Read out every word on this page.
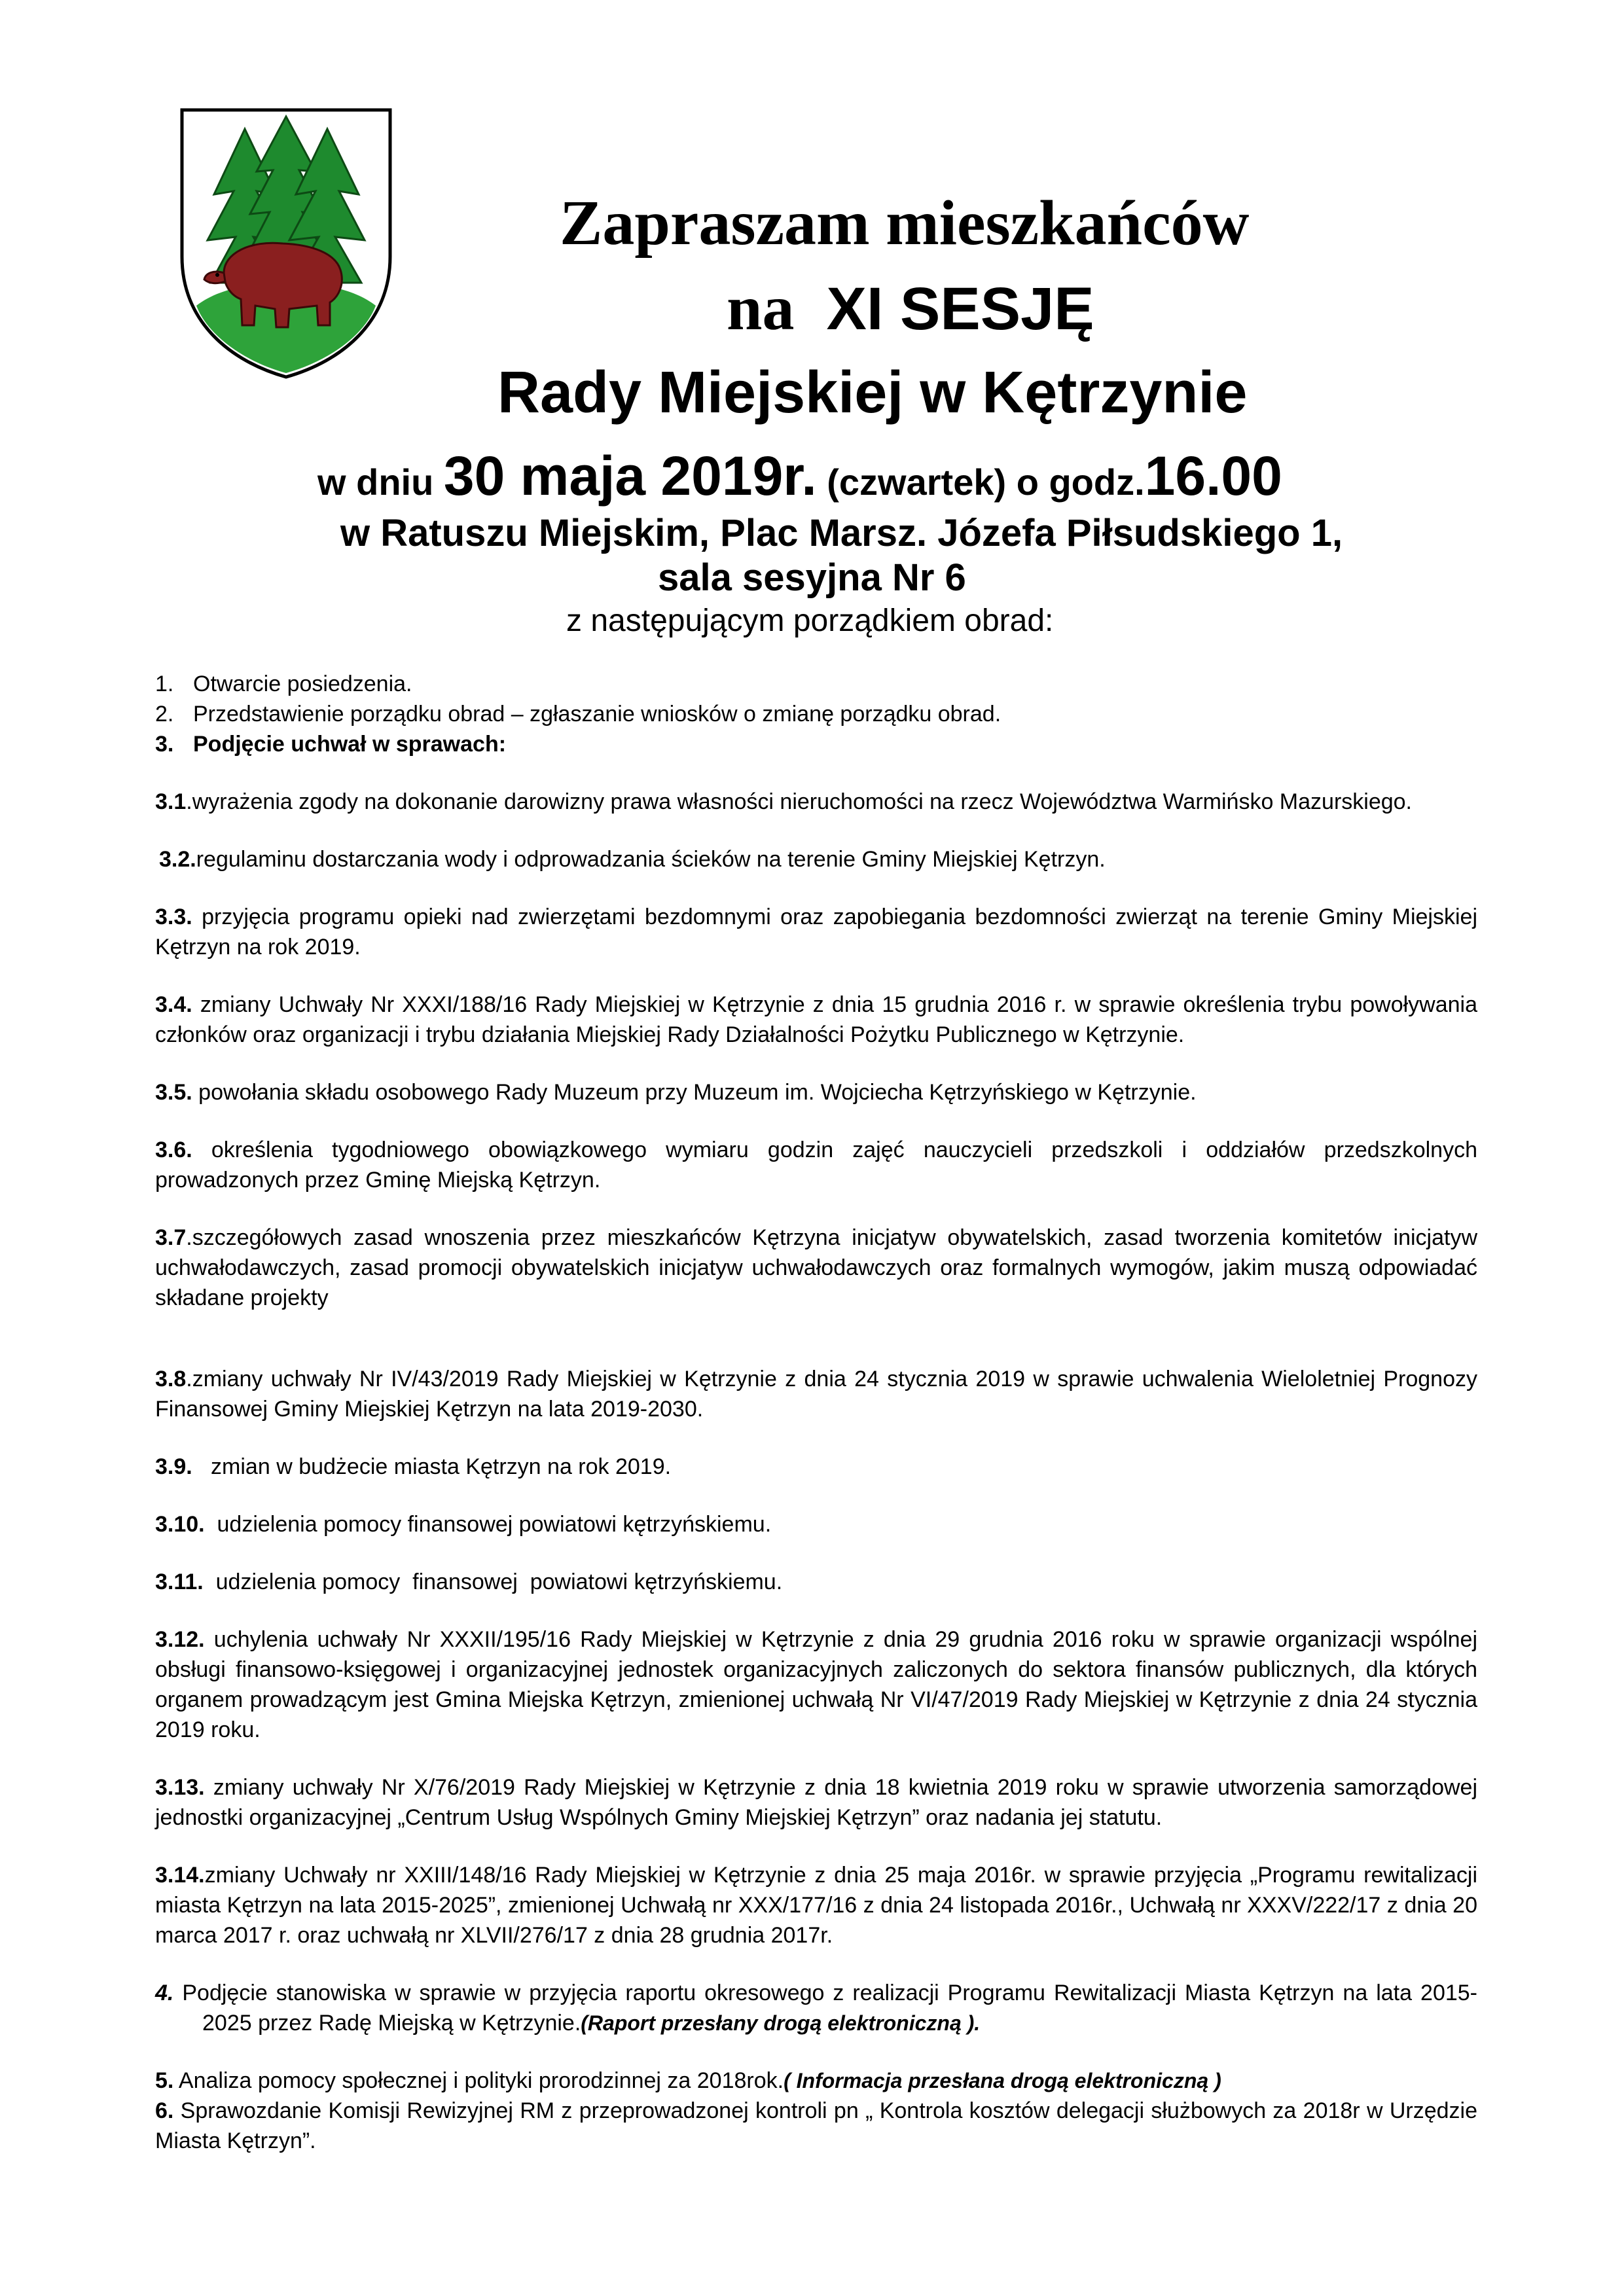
Zapraszam mieszkańców
na XI SESJĘ
Rady Miejskiej w Kętrzynie
w dniu 30 maja 2019r. (czwartek) o godz.16.00
w Ratuszu Miejskim, Plac Marsz. Józefa Piłsudskiego 1,
sala sesyjna Nr 6
z następującym porządkiem obrad:
1. Otwarcie posiedzenia.
2. Przedstawienie porządku obrad – zgłaszanie wniosków o zmianę porządku obrad.
3. Podjęcie uchwał w sprawach:

3.1.wyrażenia zgody na dokonanie darowizny prawa własności nieruchomości na rzecz Województwa Warmińsko Mazurskiego.

3.2.regulaminu dostarczania wody i odprowadzania ścieków na terenie Gminy Miejskiej Kętrzyn.

3.3. przyjęcia programu opieki nad zwierzętami bezdomnymi oraz zapobiegania bezdomności zwierząt na terenie Gminy Miejskiej Kętrzyn na rok 2019.

3.4. zmiany Uchwały Nr XXXI/188/16 Rady Miejskiej w Kętrzynie z dnia 15 grudnia 2016 r. w sprawie określenia trybu powoływania członków oraz organizacji i trybu działania Miejskiej Rady Działalności Pożytku Publicznego w Kętrzynie.

3.5. powołania składu osobowego Rady Muzeum przy Muzeum im. Wojciecha Kętrzyńskiego w Kętrzynie.

3.6. określenia tygodniowego obowiązkowego wymiaru godzin zajęć nauczycieli przedszkoli i oddziałów przedszkolnych prowadzonych przez Gminę Miejską Kętrzyn.

3.7.szczegółowych zasad wnoszenia przez mieszkańców Kętrzyna inicjatyw obywatelskich, zasad tworzenia komitetów inicjatyw uchwałodawczych, zasad promocji obywatelskich inicjatyw uchwałodawczych oraz formalnych wymogów, jakim muszą odpowiadać składane projekty

3.8.zmiany uchwały Nr IV/43/2019 Rady Miejskiej w Kętrzynie z dnia 24 stycznia 2019 w sprawie uchwalenia Wieloletniej Prognozy Finansowej Gminy Miejskiej Kętrzyn na lata 2019-2030.

3.9.   zmian w budżecie miasta Kętrzyn na rok 2019.

3.10.  udzielenia pomocy finansowej powiatowi kętrzyńskiemu.

3.11.  udzielenia pomocy  finansowej  powiatowi kętrzyńskiemu.

3.12. uchylenia uchwały Nr XXXII/195/16 Rady Miejskiej w Kętrzynie z dnia 29 grudnia 2016 roku w sprawie organizacji wspólnej obsługi finansowo-księgowej i organizacyjnej jednostek organizacyjnych zaliczonych do sektora finansów publicznych, dla których organem prowadzącym jest Gmina Miejska Kętrzyn, zmienionej uchwałą Nr VI/47/2019 Rady Miejskiej w Kętrzynie z dnia 24 stycznia 2019 roku.

3.13. zmiany uchwały Nr X/76/2019 Rady Miejskiej w Kętrzynie z dnia 18 kwietnia 2019 roku w sprawie utworzenia samorządowej jednostki organizacyjnej „Centrum Usług Wspólnych Gminy Miejskiej Kętrzyn” oraz nadania jej statutu.

3.14.zmiany Uchwały nr XXIII/148/16 Rady Miejskiej w Kętrzynie z dnia 25 maja 2016r. w sprawie przyjęcia „Programu rewitalizacji miasta Kętrzyn na lata 2015-2025”, zmienionej Uchwałą nr XXX/177/16 z dnia 24 listopada 2016r., Uchwałą nr XXXV/222/17 z dnia 20 marca 2017 r. oraz uchwałą nr XLVII/276/17 z dnia 28 grudnia 2017r.

4. Podjęcie stanowiska w sprawie w przyjęcia raportu okresowego z realizacji Programu Rewitalizacji Miasta Kętrzyn na lata 2015-2025 przez Radę Miejską w Kętrzynie.(Raport przesłany drogą elektroniczną ).

5. Analiza pomocy społecznej i polityki prorodzinnej za 2018rok.( Informacja przesłana drogą elektroniczną )

6. Sprawozdanie Komisji Rewizyjnej RM z przeprowadzonej kontroli pn „ Kontrola kosztów delegacji służbowych za 2018r w Urzędzie Miasta Kętrzyn”.
